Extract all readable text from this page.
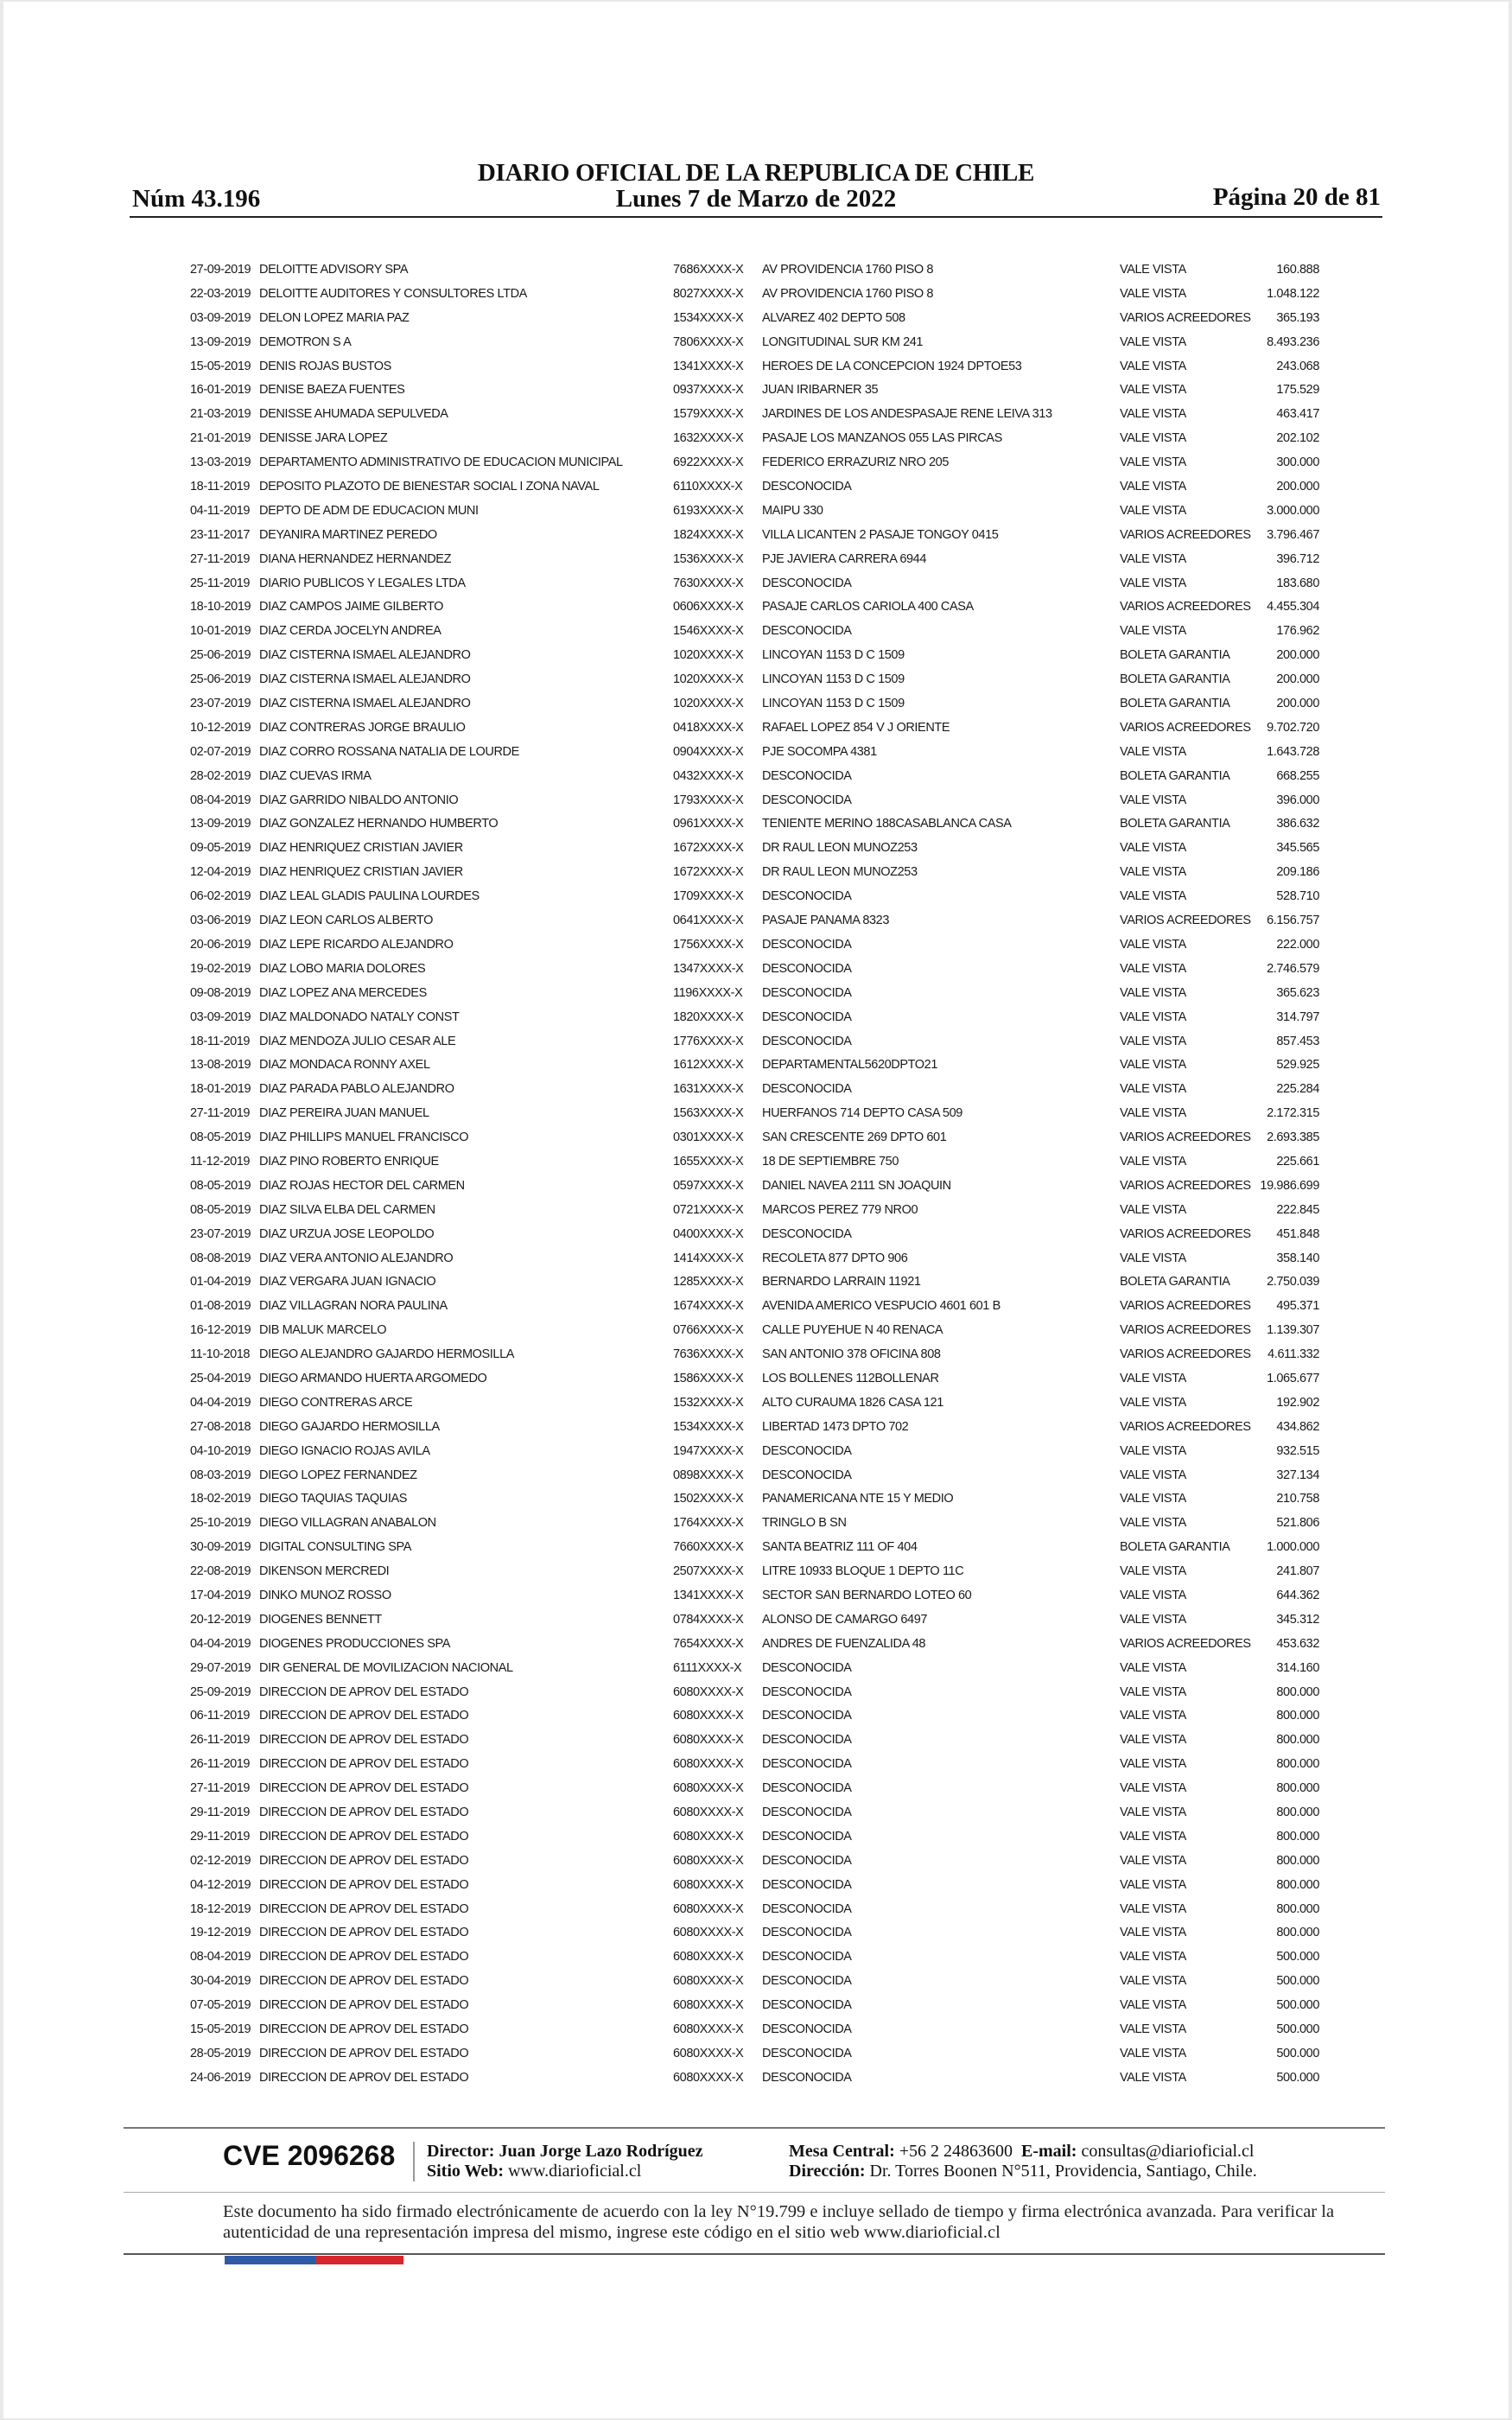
DIARIO OFICIAL DE LA REPUBLICA DE CHILE
Núm 43.196	Lunes 7 de Marzo de 2022	Página 20 de 81
27-09-2019 DELOITTE ADVISORY SPA	7686XXXX-X AV PROVIDENCIA 1760 PISO 8	VALE VISTA	160.888
22-03-2019 DELOITTE AUDITORES Y CONSULTORES LTDA	8027XXXX-X AV PROVIDENCIA 1760 PISO 8	VALE VISTA	1.048.122
03-09-2019 DELON LOPEZ MARIA PAZ	1534XXXX-X ALVAREZ 402 DEPTO 508	VARIOS ACREEDORES 365.193
13-09-2019 DEMOTRON S A	7806XXXX-X LONGITUDINAL SUR KM 241	VALE VISTA	8.493.236
15-05-2019 DENIS ROJAS BUSTOS	1341XXXX-X HEROES DE LA CONCEPCION 1924 DPTOE53	VALE VISTA	243.068
16-01-2019 DENISE BAEZA FUENTES	0937XXXX-X JUAN IRIBARNER 35	VALE VISTA	175.529
21-03-2019 DENISSE AHUMADA SEPULVEDA	1579XXXX-X JARDINES DE LOS ANDESPASAJE RENE LEIVA 313	VALE VISTA	463.417
21-01-2019 DENISSE JARA LOPEZ	1632XXXX-X PASAJE LOS MANZANOS 055 LAS PIRCAS	VALE VISTA	202.102
13-03-2019 DEPARTAMENTO ADMINISTRATIVO DE EDUCACION MUNICIPAL	6922XXXX-X FEDERICO ERRAZURIZ NRO 205	VALE VISTA	300.000
18-11-2019 DEPOSITO PLAZOTO DE BIENESTAR SOCIAL I ZONA NAVAL	6110XXXX-X DESCONOCIDA	VALE VISTA	200.000
04-11-2019 DEPTO DE ADM DE EDUCACION MUNI	6193XXXX-X MAIPU 330	VALE VISTA	3.000.000
23-11-2017 DEYANIRA MARTINEZ PEREDO	1824XXXX-X VILLA LICANTEN 2 PASAJE TONGOY 0415	VARIOS ACREEDORES 3.796.467
27-11-2019 DIANA HERNANDEZ HERNANDEZ	1536XXXX-X PJE JAVIERA CARRERA 6944	VALE VISTA	396.712
25-11-2019 DIARIO PUBLICOS Y LEGALES LTDA	7630XXXX-X DESCONOCIDA	VALE VISTA	183.680
18-10-2019 DIAZ CAMPOS JAIME GILBERTO	0606XXXX-X PASAJE CARLOS CARIOLA 400 CASA	VARIOS ACREEDORES 4.455.304
10-01-2019 DIAZ CERDA JOCELYN ANDREA	1546XXXX-X DESCONOCIDA	VALE VISTA	176.962
25-06-2019 DIAZ CISTERNA ISMAEL ALEJANDRO	1020XXXX-X LINCOYAN 1153 D C 1509	BOLETA GARANTIA	200.000
25-06-2019 DIAZ CISTERNA ISMAEL ALEJANDRO	1020XXXX-X LINCOYAN 1153 D C 1509	BOLETA GARANTIA	200.000
23-07-2019 DIAZ CISTERNA ISMAEL ALEJANDRO	1020XXXX-X LINCOYAN 1153 D C 1509	BOLETA GARANTIA	200.000
10-12-2019 DIAZ CONTRERAS JORGE BRAULIO	0418XXXX-X RAFAEL LOPEZ 854 V J ORIENTE	VARIOS ACREEDORES 9.702.720
02-07-2019 DIAZ CORRO ROSSANA NATALIA DE LOURDE	0904XXXX-X PJE SOCOMPA 4381	VALE VISTA	1.643.728
28-02-2019 DIAZ CUEVAS IRMA	0432XXXX-X DESCONOCIDA	BOLETA GARANTIA	668.255
08-04-2019 DIAZ GARRIDO NIBALDO ANTONIO	1793XXXX-X DESCONOCIDA	VALE VISTA	396.000
13-09-2019 DIAZ GONZALEZ HERNANDO HUMBERTO	0961XXXX-X TENIENTE MERINO 188CASABLANCA CASA	BOLETA GARANTIA	386.632
09-05-2019 DIAZ HENRIQUEZ CRISTIAN JAVIER	1672XXXX-X DR RAUL LEON MUNOZ253	VALE VISTA	345.565
12-04-2019 DIAZ HENRIQUEZ CRISTIAN JAVIER	1672XXXX-X DR RAUL LEON MUNOZ253	VALE VISTA	209.186
06-02-2019 DIAZ LEAL GLADIS PAULINA LOURDES	1709XXXX-X DESCONOCIDA	VALE VISTA	528.710
03-06-2019 DIAZ LEON CARLOS ALBERTO	0641XXXX-X PASAJE PANAMA 8323	VARIOS ACREEDORES 6.156.757
20-06-2019 DIAZ LEPE RICARDO ALEJANDRO	1756XXXX-X DESCONOCIDA	VALE VISTA	222.000
19-02-2019 DIAZ LOBO MARIA DOLORES	1347XXXX-X DESCONOCIDA	VALE VISTA	2.746.579
09-08-2019 DIAZ LOPEZ ANA MERCEDES	1196XXXX-X DESCONOCIDA	VALE VISTA	365.623
03-09-2019 DIAZ MALDONADO NATALY CONST	1820XXXX-X DESCONOCIDA	VALE VISTA	314.797
18-11-2019 DIAZ MENDOZA JULIO CESAR ALE	1776XXXX-X DESCONOCIDA	VALE VISTA	857.453
13-08-2019 DIAZ MONDACA RONNY AXEL	1612XXXX-X DEPARTAMENTAL5620DPTO21	VALE VISTA	529.925
18-01-2019 DIAZ PARADA PABLO ALEJANDRO	1631XXXX-X DESCONOCIDA	VALE VISTA	225.284
27-11-2019 DIAZ PEREIRA JUAN MANUEL	1563XXXX-X HUERFANOS 714 DEPTO CASA 509	VALE VISTA	2.172.315
08-05-2019 DIAZ PHILLIPS MANUEL FRANCISCO	0301XXXX-X SAN CRESCENTE 269 DPTO 601	VARIOS ACREEDORES 2.693.385
11-12-2019 DIAZ PINO ROBERTO ENRIQUE	1655XXXX-X 18 DE SEPTIEMBRE 750	VALE VISTA	225.661
08-05-2019 DIAZ ROJAS HECTOR DEL CARMEN	0597XXXX-X DANIEL NAVEA 2111 SN JOAQUIN	VARIOS ACREEDORES 19.986.699
08-05-2019 DIAZ SILVA ELBA DEL CARMEN	0721XXXX-X MARCOS PEREZ 779 NRO0	VALE VISTA	222.845
23-07-2019 DIAZ URZUA JOSE LEOPOLDO	0400XXXX-X DESCONOCIDA	VARIOS ACREEDORES 451.848
08-08-2019 DIAZ VERA ANTONIO ALEJANDRO	1414XXXX-X RECOLETA 877 DPTO 906	VALE VISTA	358.140
01-04-2019 DIAZ VERGARA JUAN IGNACIO	1285XXXX-X BERNARDO LARRAIN 11921	BOLETA GARANTIA	2.750.039
01-08-2019 DIAZ VILLAGRAN NORA PAULINA	1674XXXX-X AVENIDA AMERICO VESPUCIO 4601 601 B	VARIOS ACREEDORES 495.371
16-12-2019 DIB MALUK MARCELO	0766XXXX-X CALLE PUYEHUE N 40 RENACA	VARIOS ACREEDORES 1.139.307
11-10-2018 DIEGO ALEJANDRO GAJARDO HERMOSILLA	7636XXXX-X SAN ANTONIO 378 OFICINA 808	VARIOS ACREEDORES 4.611.332
25-04-2019 DIEGO ARMANDO HUERTA ARGOMEDO	1586XXXX-X LOS BOLLENES 112BOLLENAR	VALE VISTA	1.065.677
04-04-2019 DIEGO CONTRERAS ARCE	1532XXXX-X ALTO CURAUMA 1826 CASA 121	VALE VISTA	192.902
27-08-2018 DIEGO GAJARDO HERMOSILLA	1534XXXX-X LIBERTAD 1473 DPTO 702	VARIOS ACREEDORES 434.862
04-10-2019 DIEGO IGNACIO ROJAS AVILA	1947XXXX-X DESCONOCIDA	VALE VISTA	932.515
08-03-2019 DIEGO LOPEZ FERNANDEZ	0898XXXX-X DESCONOCIDA	VALE VISTA	327.134
18-02-2019 DIEGO TAQUIAS TAQUIAS	1502XXXX-X PANAMERICANA NTE 15 Y MEDIO	VALE VISTA	210.758
25-10-2019 DIEGO VILLAGRAN ANABALON	1764XXXX-X TRINGLO B SN	VALE VISTA	521.806
30-09-2019 DIGITAL CONSULTING SPA	7660XXXX-X SANTA BEATRIZ 111 OF 404	BOLETA GARANTIA	1.000.000
22-08-2019 DIKENSON MERCREDI	2507XXXX-X LITRE 10933 BLOQUE 1 DEPTO 11C	VALE VISTA	241.807
17-04-2019 DINKO MUNOZ ROSSO	1341XXXX-X SECTOR SAN BERNARDO LOTEO 60	VALE VISTA	644.362
20-12-2019 DIOGENES BENNETT	0784XXXX-X ALONSO DE CAMARGO 6497	VALE VISTA	345.312
04-04-2019 DIOGENES PRODUCCIONES SPA	7654XXXX-X ANDRES DE FUENZALIDA 48	VARIOS ACREEDORES 453.632
29-07-2019 DIR GENERAL DE MOVILIZACION NACIONAL	6111XXXX-X DESCONOCIDA	VALE VISTA	314.160
25-09-2019 DIRECCION DE APROV DEL ESTADO	6080XXXX-X DESCONOCIDA	VALE VISTA	800.000
06-11-2019 DIRECCION DE APROV DEL ESTADO	6080XXXX-X DESCONOCIDA	VALE VISTA	800.000
26-11-2019 DIRECCION DE APROV DEL ESTADO	6080XXXX-X DESCONOCIDA	VALE VISTA	800.000
26-11-2019 DIRECCION DE APROV DEL ESTADO	6080XXXX-X DESCONOCIDA	VALE VISTA	800.000
27-11-2019 DIRECCION DE APROV DEL ESTADO	6080XXXX-X DESCONOCIDA	VALE VISTA	800.000
29-11-2019 DIRECCION DE APROV DEL ESTADO	6080XXXX-X DESCONOCIDA	VALE VISTA	800.000
29-11-2019 DIRECCION DE APROV DEL ESTADO	6080XXXX-X DESCONOCIDA	VALE VISTA	800.000
02-12-2019 DIRECCION DE APROV DEL ESTADO	6080XXXX-X DESCONOCIDA	VALE VISTA	800.000
04-12-2019 DIRECCION DE APROV DEL ESTADO	6080XXXX-X DESCONOCIDA	VALE VISTA	800.000
18-12-2019 DIRECCION DE APROV DEL ESTADO	6080XXXX-X DESCONOCIDA	VALE VISTA	800.000
19-12-2019 DIRECCION DE APROV DEL ESTADO	6080XXXX-X DESCONOCIDA	VALE VISTA	800.000
08-04-2019 DIRECCION DE APROV DEL ESTADO	6080XXXX-X DESCONOCIDA	VALE VISTA	500.000
30-04-2019 DIRECCION DE APROV DEL ESTADO	6080XXXX-X DESCONOCIDA	VALE VISTA	500.000
07-05-2019 DIRECCION DE APROV DEL ESTADO	6080XXXX-X DESCONOCIDA	VALE VISTA	500.000
15-05-2019 DIRECCION DE APROV DEL ESTADO	6080XXXX-X DESCONOCIDA	VALE VISTA	500.000
28-05-2019 DIRECCION DE APROV DEL ESTADO	6080XXXX-X DESCONOCIDA	VALE VISTA	500.000
24-06-2019 DIRECCION DE APROV DEL ESTADO	6080XXXX-X DESCONOCIDA	VALE VISTA	500.000
CVE 2096268 Director: Juan Jorge Lazo Rodríguez
Sitio Web: www.diarioficial.cl
Mesa Central: +56 2 24863600 E-mail: consultas@diarioficial.cl
Dirección: Dr. Torres Boonen N°511, Providencia, Santiago, Chile.
Este documento ha sido firmado electrónicamente de acuerdo con la ley N°19.799 e incluye sellado de tiempo y firma electrónica avanzada. Para verificar la autenticidad de una representación impresa del mismo, ingrese este código en el sitio web www.diarioficial.cl
